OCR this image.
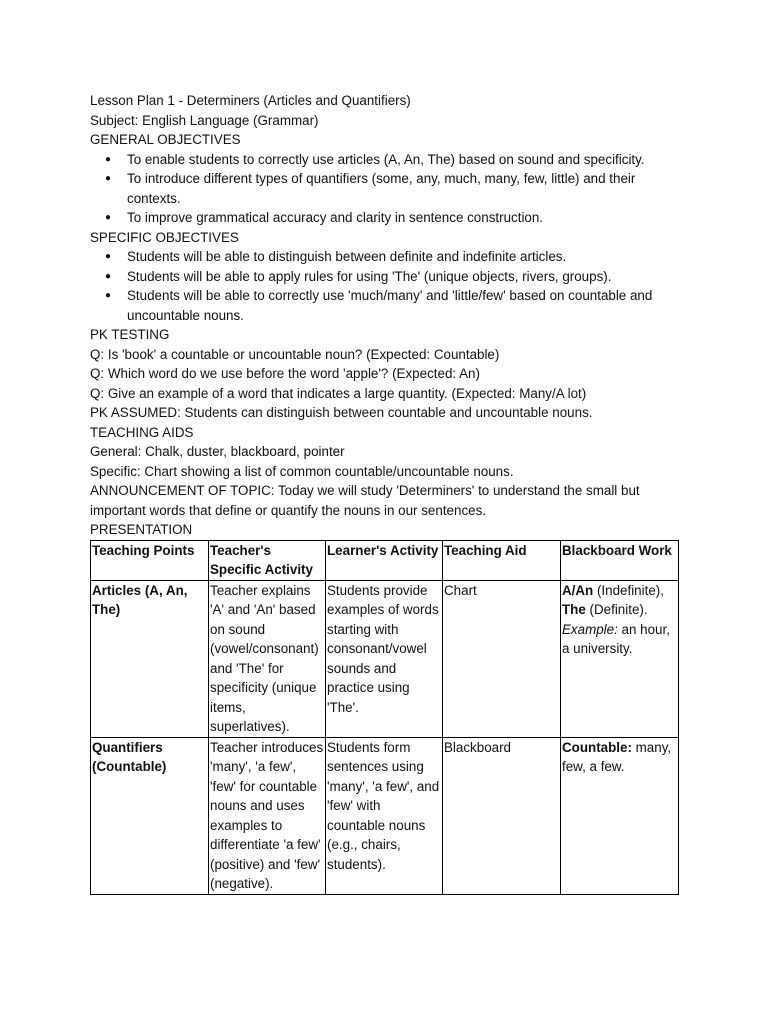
Lesson Plan 1 - Determiners (Articles and Quantifiers)

Subject: English Language (Grammar)

GENERAL OBJECTIVES

● To enable students to correctly use articles (A, An, The) based on sound and specificity.
● To introduce different types of quantifiers (some, any, much, many, few, little) and their contexts.
● To improve grammatical accuracy and clarity in sentence construction.

SPECIFIC OBJECTIVES

● Students will be able to distinguish between definite and indefinite articles.
● Students will be able to apply rules for using 'The' (unique objects, rivers, groups).
● Students will be able to correctly use 'much/many' and 'little/few' based on countable and uncountable nouns.

PK TESTING

Q: Is 'book' a countable or uncountable noun? (Expected: Countable)

Q: Which word do we use before the word 'apple'? (Expected: An)

Q: Give an example of a word that indicates a large quantity. (Expected: Many/A lot)

PK ASSUMED: Students can distinguish between countable and uncountable nouns.

TEACHING AIDS

General: Chalk, duster, blackboard, pointer

Specific: Chart showing a list of common countable/uncountable nouns.

ANNOUNCEMENT OF TOPIC: Today we will study 'Determiners' to understand the small but important words that define or quantify the nouns in our sentences.

PRESENTATION

Teaching Points	Teacher's Specific Activity	Learner's Activity	Teaching Aid	Blackboard Work
Articles (A, An, The)	Teacher explains 'A' and 'An' based on sound (vowel/consonant) and 'The' for specificity (unique items, superlatives).	Students provide examples of words starting with consonant/vowel sounds and practice using 'The'.	Chart	A/An (Indefinite),
The (Definite).
Example: an hour, a university.
Quantifiers (Countable)	Teacher introduces 'many', 'a few', 'few' for countable nouns and uses examples to differentiate 'a few' (positive) and 'few' (negative).	Students form sentences using 'many', 'a few', and 'few' with countable nouns (e.g., chairs, students).	Blackboard	Countable: many, few, a few.
